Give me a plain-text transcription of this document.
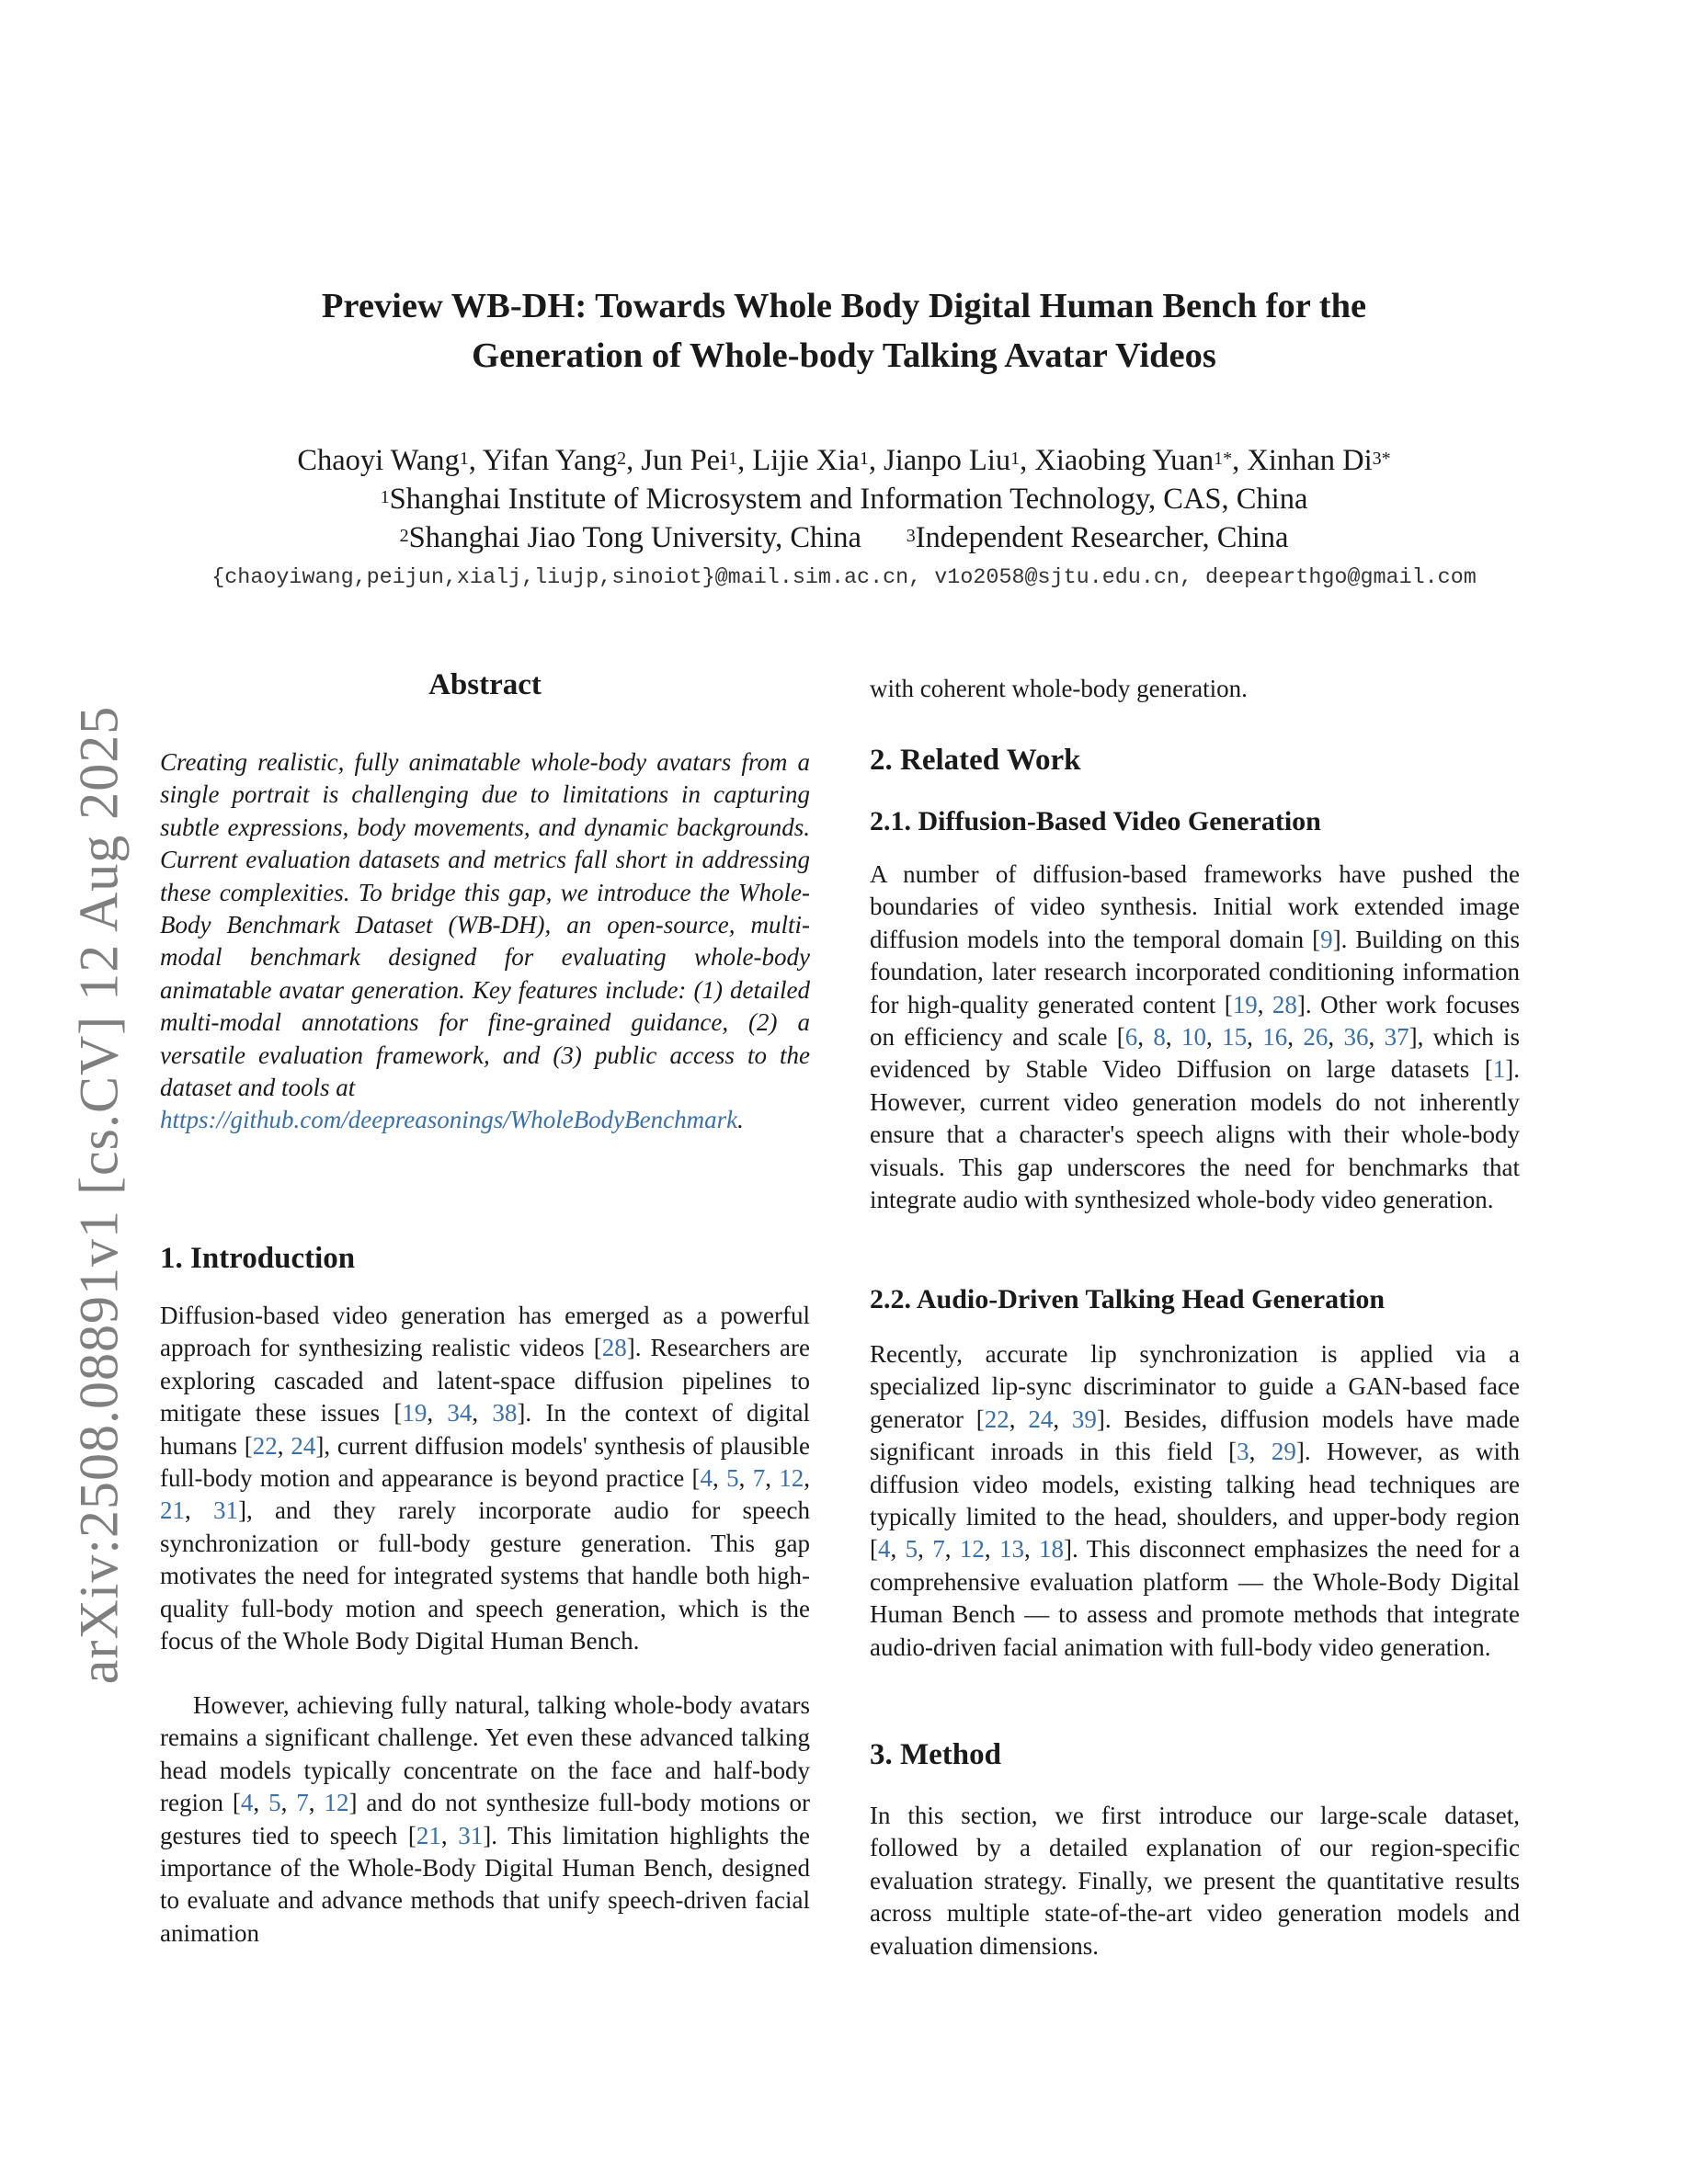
arXiv:2508.08891v1 [cs.CV] 12 Aug 2025
Preview WB-DH: Towards Whole Body Digital Human Bench for the
Generation of Whole-body Talking Avatar Videos
Chaoyi Wang$^1$, Yifan Yang$^2$, Jun Pei$^1$, Lijie Xia$^1$, Jianpo Liu$^1$, Xiaobing Yuan$^{1*}$, Xinhan $Di^{3*}$
$^1$Shanghai Institute of Microsystem and Information Technology, CAS, China
$^2$Shanghai Jiao Tong University, China $^3$Independent Researcher, China
{chaoyiwang,peijun,xialj,liujp,sinoiot}@mail.sim.ac.cn, v1o2058@sjtu.edu.cn, deepearthgo@gmail.com
Abstract

Creating realistic, fully animatable whole-body avatars from a single portrait is challenging due to limitations in capturing subtle expressions, body movements, and dynamic backgrounds. Current evaluation datasets and metrics fall short in addressing these complexities. To bridge this gap, we introduce the Whole-Body Benchmark Dataset (WB-DH), an open-source, multi-modal benchmark designed for evaluating whole-body animatable avatar generation. Key features include: (1) detailed multi-modal annotations for fine-grained guidance, (2) a versatile evaluation framework, and (3) public access to the dataset and tools at
https://github.com/deepreasonings/WholeBodyBenchmark.

1. Introduction

Diffusion-based video generation has emerged as a powerful approach for synthesizing realistic videos [28]. Researchers are exploring cascaded and latent-space diffusion pipelines to mitigate these issues [19, 34, 38]. In the context of digital humans [22, 24], current diffusion models' synthesis of plausible full-body motion and appearance is beyond practice [4, 5, 7, 12, 21, 31], and they rarely incorporate audio for speech synchronization or full-body gesture generation. This gap motivates the need for integrated systems that handle both high-quality full-body motion and speech generation, which is the focus of the Whole Body Digital Human Bench.

However, achieving fully natural, talking whole-body avatars remains a significant challenge. Yet even these advanced talking head models typically concentrate on the face and half-body region [4, 5, 7, 12] and do not synthesize full-body motions or gestures tied to speech [21, 31]. This limitation highlights the importance of the Whole-Body Digital Human Bench, designed to evaluate and advance methods that unify speech-driven facial animation

with coherent whole-body generation.

2. Related Work
2.1. Diffusion-Based Video Generation

A number of diffusion-based frameworks have pushed the boundaries of video synthesis. Initial work extended image diffusion models into the temporal domain [9]. Building on this foundation, later research incorporated conditioning information for high-quality generated content [19, 28]. Other work focuses on efficiency and scale [6, 8, 10, 15, 16, 26, 36, 37], which is evidenced by Stable Video Diffusion on large datasets [1]. However, current video generation models do not inherently ensure that a character's speech aligns with their whole-body visuals. This gap underscores the need for benchmarks that integrate audio with synthesized whole-body video generation.

2.2. Audio-Driven Talking Head Generation

Recently, accurate lip synchronization is applied via a specialized lip-sync discriminator to guide a GAN-based face generator [22, 24, 39]. Besides, diffusion models have made significant inroads in this field [3, 29]. However, as with diffusion video models, existing talking head techniques are typically limited to the head, shoulders, and upper-body region [4, 5, 7, 12, 13, 18]. This disconnect emphasizes the need for a comprehensive evaluation platform — the Whole-Body Digital Human Bench — to assess and promote methods that integrate audio-driven facial animation with full-body video generation.

3. Method

In this section, we first introduce our large-scale dataset, followed by a detailed explanation of our region-specific evaluation strategy. Finally, we present the quantitative results across multiple state-of-the-art video generation models and evaluation dimensions.
